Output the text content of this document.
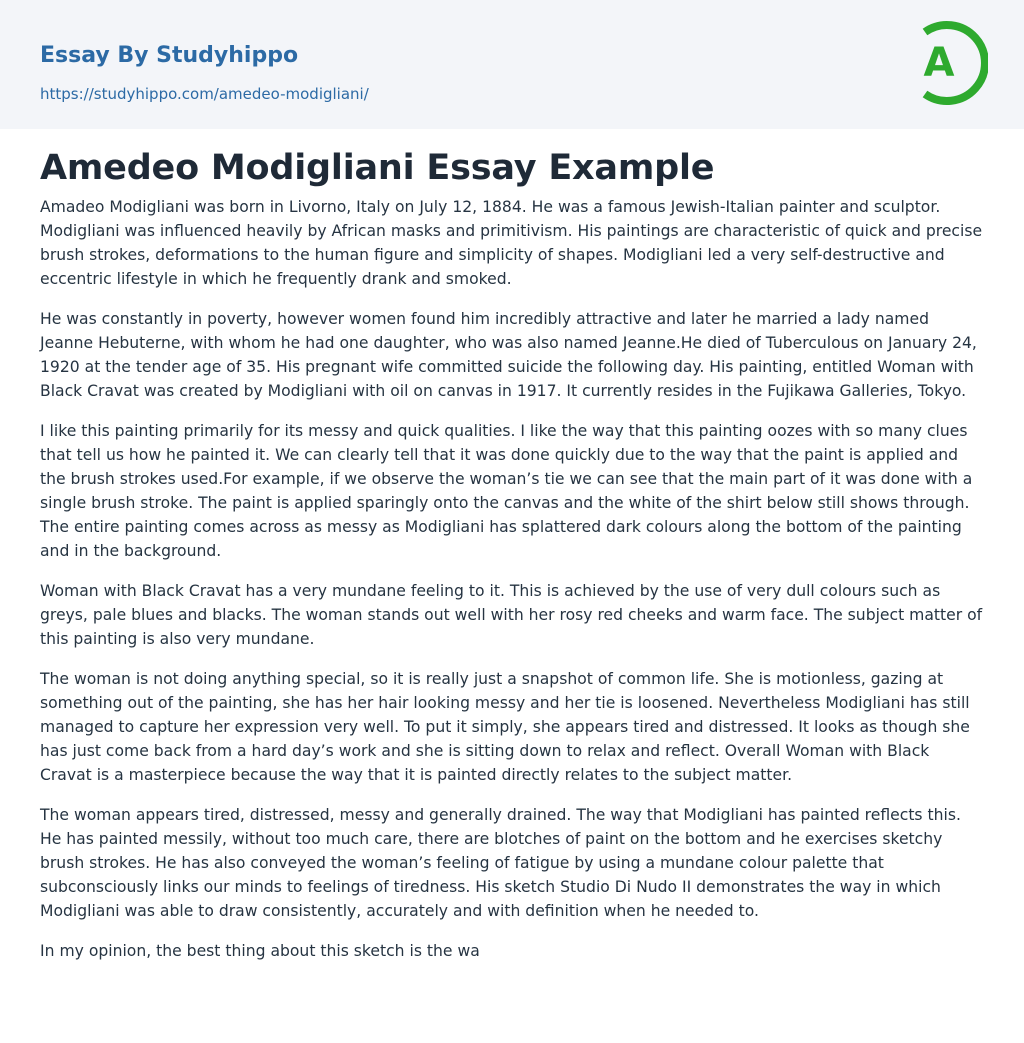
Essay By Studyhippo
https://studyhippo.com/amedeo-modigliani/
A
Amedeo Modigliani Essay Example

Amadeo Modigliani was born in Livorno, Italy on July 12, 1884. He was a famous Jewish-Italian painter and sculptor. Modigliani was influenced heavily by African masks and primitivism. His paintings are characteristic of quick and precise brush strokes, deformations to the human figure and simplicity of shapes. Modigliani led a very self-destructive and eccentric lifestyle in which he frequently drank and smoked.

He was constantly in poverty, however women found him incredibly attractive and later he married a lady named Jeanne Hebuterne, with whom he had one daughter, who was also named Jeanne.He died of Tuberculous on January 24, 1920 at the tender age of 35. His pregnant wife committed suicide the following day. His painting, entitled Woman with Black Cravat was created by Modigliani with oil on canvas in 1917. It currently resides in the Fujikawa Galleries, Tokyo.

I like this painting primarily for its messy and quick qualities. I like the way that this painting oozes with so many clues that tell us how he painted it. We can clearly tell that it was done quickly due to the way that the paint is applied and the brush strokes used.For example, if we observe the woman’s tie we can see that the main part of it was done with a single brush stroke. The paint is applied sparingly onto the canvas and the white of the shirt below still shows through. The entire painting comes across as messy as Modigliani has splattered dark colours along the bottom of the painting and in the background.

Woman with Black Cravat has a very mundane feeling to it. This is achieved by the use of very dull colours such as greys, pale blues and blacks. The woman stands out well with her rosy red cheeks and warm face. The subject matter of this painting is also very mundane.

The woman is not doing anything special, so it is really just a snapshot of common life. She is motionless, gazing at something out of the painting, she has her hair looking messy and her tie is loosened. Nevertheless Modigliani has still managed to capture her expression very well. To put it simply, she appears tired and distressed. It looks as though she has just come back from a hard day’s work and she is sitting down to relax and reflect. Overall Woman with Black Cravat is a masterpiece because the way that it is painted directly relates to the subject matter.

The woman appears tired, distressed, messy and generally drained. The way that Modigliani has painted reflects this. He has painted messily, without too much care, there are blotches of paint on the bottom and he exercises sketchy brush strokes. He has also conveyed the woman’s feeling of fatigue by using a mundane colour palette that subconsciously links our minds to feelings of tiredness. His sketch Studio Di Nudo II demonstrates the way in which Modigliani was able to draw consistently, accurately and with definition when he needed to.

In my opinion, the best thing about this sketch is the wa
